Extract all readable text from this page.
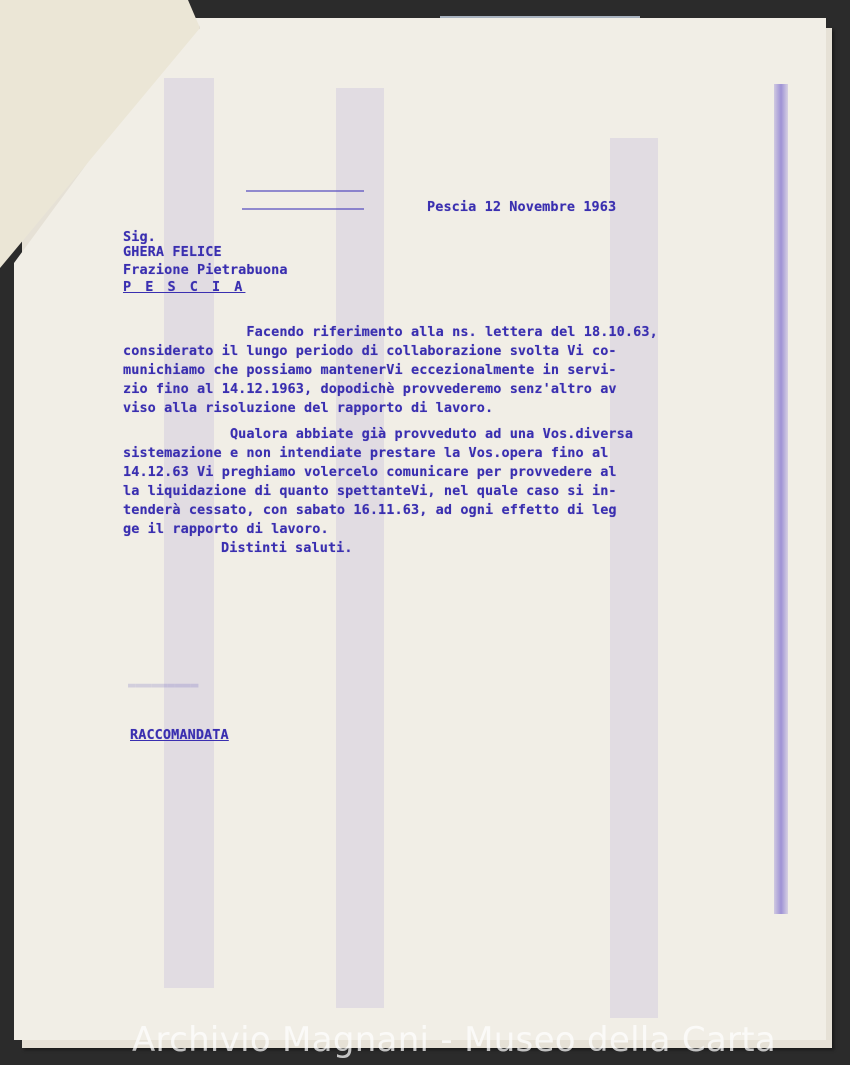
Pescia 12 Novembre 1963
Sig.
GHERA FELICE
Frazione Pietrabuona
P E S C I A
Facendo riferimento alla ns. lettera del 18.10.63,
considerato il lungo periodo di collaborazione svolta Vi co-
munichiamo che possiamo mantenerVi eccezionalmente in servi-
zio fino al 14.12.1963, dopodichè provvederemo senz'altro av
viso alla risoluzione del rapporto di lavoro.
Qualora abbiate già provveduto ad una Vos.diversa
sistemazione e non intendiate prestare la Vos.opera fino al
14.12.63 Vi preghiamo volercelo comunicare per provvedere al
la liquidazione di quanto spettanteVi, nel quale caso si in-
tenderà cessato, con sabato 16.11.63, ad ogni effetto di leg
ge il rapporto di lavoro.
Distinti saluti.
▬▬▬▬▬▬▬▬▬
RACCOMANDATA
Archivio Magnani - Museo della Carta
